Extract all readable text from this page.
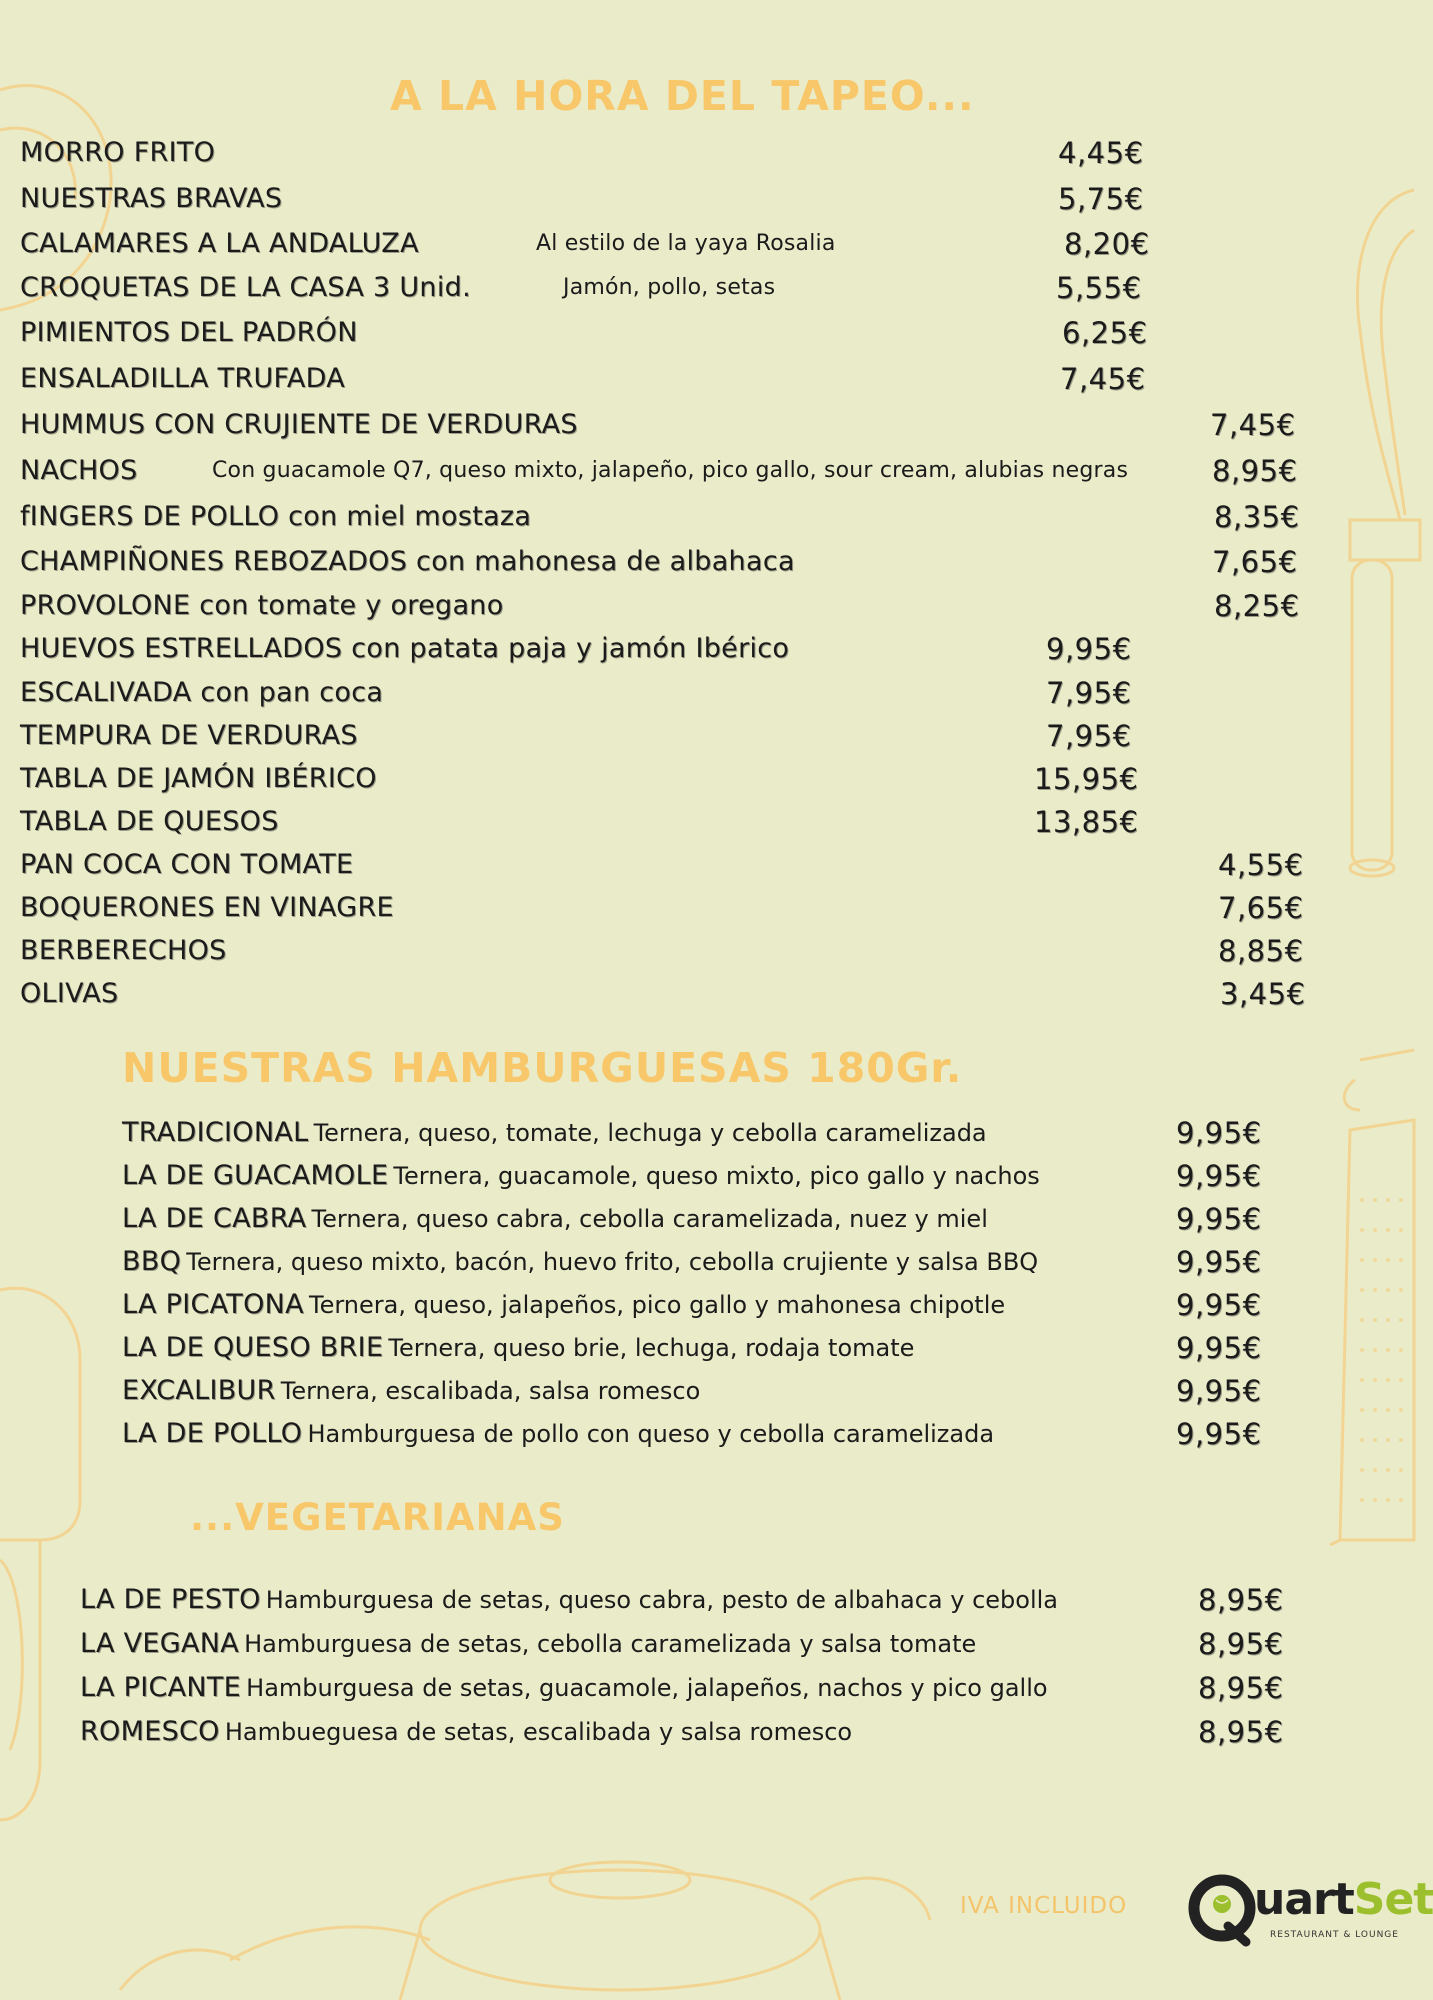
A LA HORA DEL TAPEO...
MORRO FRITO	4,45€
NUESTRAS BRAVAS	5,75€
CALAMARES A LA ANDALUZA	Al estilo de la yaya Rosalia	8,20€
CROQUETAS DE LA CASA 3 Unid.	Jamón, pollo, setas	5,55€
PIMIENTOS DEL PADRÓN	6,25€
ENSALADILLA TRUFADA	7,45€
HUMMUS CON CRUJIENTE DE VERDURAS	7,45€
NACHOS	Con guacamole Q7, queso mixto, jalapeño, pico gallo, sour cream, alubias negras	8,95€
fINGERS DE POLLO con miel mostaza	8,35€
CHAMPIÑONES REBOZADOS con mahonesa de albahaca	7,65€
PROVOLONE con tomate y oregano	8,25€
HUEVOS ESTRELLADOS con patata paja y jamón Ibérico	9,95€
ESCALIVADA con pan coca	7,95€
TEMPURA DE VERDURAS	7,95€
TABLA DE JAMÓN IBÉRICO	15,95€
TABLA DE QUESOS	13,85€
PAN COCA CON TOMATE	4,55€
BOQUERONES EN VINAGRE	7,65€
BERBERECHOS	8,85€
OLIVAS	3,45€
NUESTRAS HAMBURGUESAS 180Gr.
TRADICIONAL Ternera, queso, tomate, lechuga y cebolla caramelizada	9,95€
LA DE GUACAMOLE Ternera, guacamole, queso mixto, pico gallo y nachos	9,95€
LA DE CABRA Ternera, queso cabra, cebolla caramelizada, nuez y miel	9,95€
BBQ Ternera, queso mixto, bacón, huevo frito, cebolla crujiente y salsa BBQ	9,95€
LA PICATONA Ternera, queso, jalapeños, pico gallo y mahonesa chipotle	9,95€
LA DE QUESO BRIE Ternera, queso brie, lechuga, rodaja tomate	9,95€
EXCALIBUR Ternera, escalibada, salsa romesco	9,95€
LA DE POLLO Hamburguesa de pollo con queso y cebolla caramelizada	9,95€
...VEGETARIANAS
LA DE PESTO Hamburguesa de setas, queso cabra, pesto de albahaca y cebolla	8,95€
LA VEGANA Hamburguesa de setas, cebolla caramelizada y salsa tomate	8,95€
LA PICANTE Hamburguesa de setas, guacamole, jalapeños, nachos y pico gallo	8,95€
ROMESCO Hambueguesa de setas, escalibada y salsa romesco	8,95€
IVA INCLUIDO	uartSet
RESTAURANT & LOUNGE
